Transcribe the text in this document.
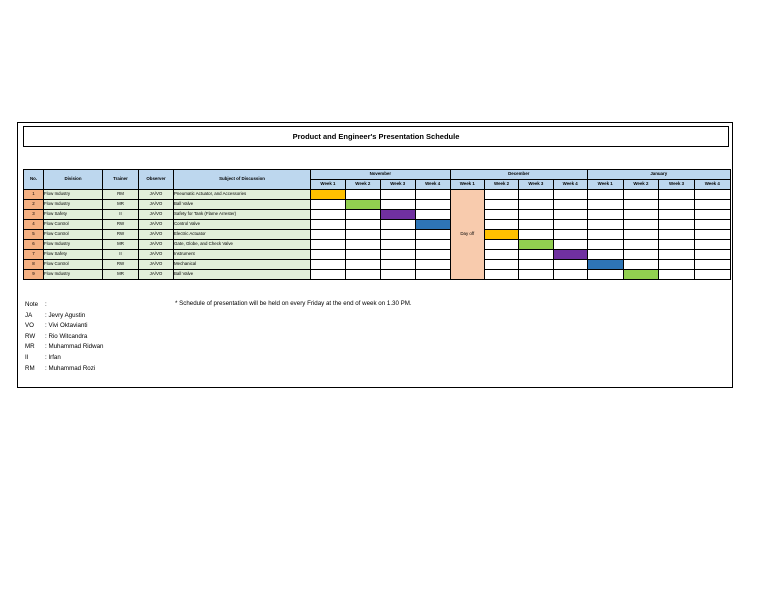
Product and Engineer's Presentation Schedule
No.	Division	Trainer	Observer	Subject of Discussion	November				December				January			
					Week 1	Week 2	Week 3	Week 4	Week 1	Week 2	Week 3	Week 4	Week 1	Week 2	Week 3	Week 4
1	Flow Industry	RM	JA/VO	Pneumatic Actuator, and Accessories					Day off							
2	Flow Industry	MR	JA/VO	Ball Valve												
3	Flow Safety	II	JA/VO	Safety for Tank (Flame Arrester)												
4	Flow Control	RW	JA/VO	Control Valve												
5	Flow Control	RW	JA/VO	Electric Actuator												
6	Flow Industry	MR	JA/VO	Gate, Globe, and Check Valve												
7	Flow Safety	II	JA/VO	Instrument												
8	Flow Control	RW	JA/VO	Mechanical												
9	Flow Industry	MR	JA/VO	Ball Valve												
Note	:
JA	: Jevry Agustin
VO	: Vivi Oktavianti
RW	: Rio Witcandra
MR	: Muhammad Ridwan
II	: Irfan
RM	: Muhammad Rozi
* Schedule of presentation will be held on every Friday at the end of week on 1.30 PM.
